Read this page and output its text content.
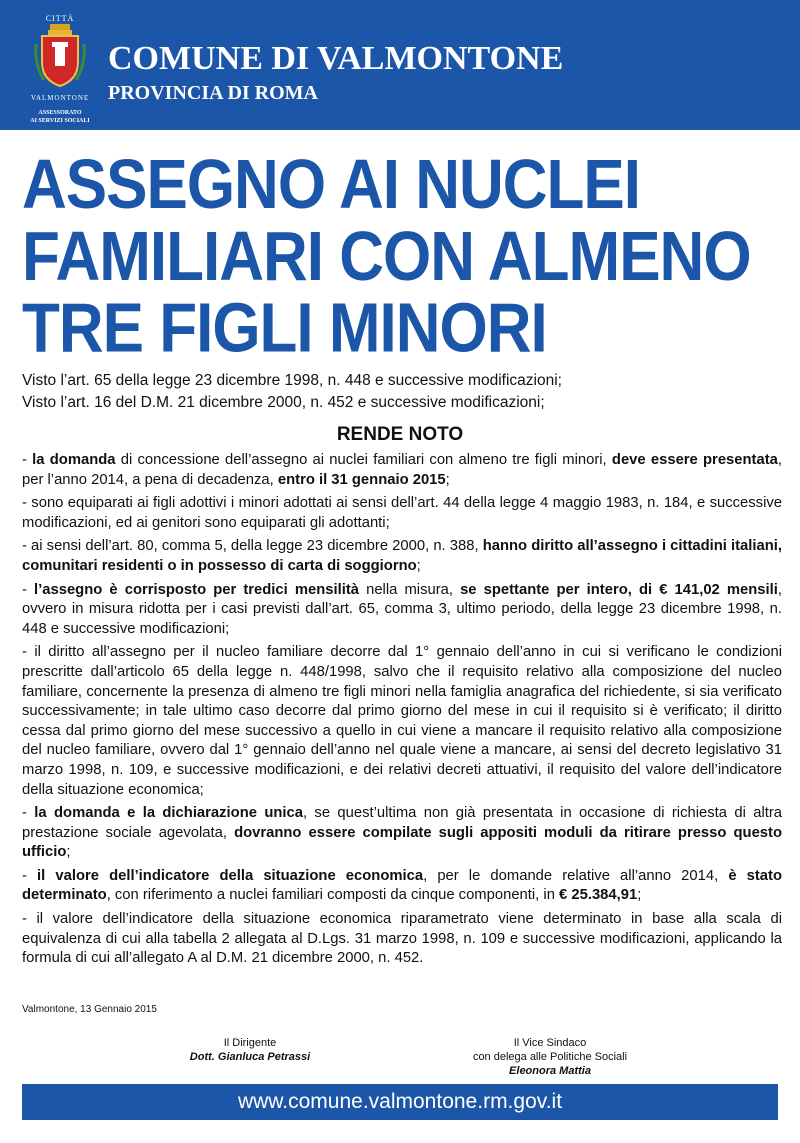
CITTÀ
VALMONTONE
ASSESSORATO
AI SERVIZI SOCIALI
COMUNE DI VALMONTONE
PROVINCIA DI ROMA
ASSEGNO AI NUCLEI
FAMILIARI CON ALMENO
TRE FIGLI MINORI
Visto l’art. 65 della legge 23 dicembre 1998, n. 448 e successive modificazioni;
Visto l’art. 16 del D.M. 21 dicembre 2000, n. 452 e successive modificazioni;
RENDE NOTO

- la domanda di concessione dell’assegno ai nuclei familiari con almeno tre figli minori, deve essere presentata, per l’anno 2014, a pena di decadenza, entro il 31 gennaio 2015;

- sono equiparati ai figli adottivi i minori adottati ai sensi dell’art. 44 della legge 4 maggio 1983, n. 184, e successive modificazioni, ed ai genitori sono equiparati gli adottanti;

- ai sensi dell’art. 80, comma 5, della legge 23 dicembre 2000, n. 388, hanno diritto all’assegno i cittadini italiani, comunitari residenti o in possesso di carta di soggiorno;

- l’assegno è corrisposto per tredici mensilità nella misura, se spettante per intero, di € 141,02 mensili, ovvero in misura ridotta per i casi previsti dall’art. 65, comma 3, ultimo periodo, della legge 23 dicembre 1998, n. 448 e successive modificazioni;

- il diritto all’assegno per il nucleo familiare decorre dal 1° gennaio dell’anno in cui si verificano le condizioni prescritte dall’articolo 65 della legge n. 448/1998, salvo che il requisito relativo alla composizione del nucleo familiare, concernente la presenza di almeno tre figli minori nella famiglia anagrafica del richiedente, si sia verificato successivamente; in tale ultimo caso decorre dal primo giorno del mese in cui il requisito si è verificato; il diritto cessa dal primo giorno del mese successivo a quello in cui viene a mancare il requisito relativo alla composizione del nucleo familiare, ovvero dal 1° gennaio dell’anno nel quale viene a mancare, ai sensi del decreto legislativo 31 marzo 1998, n. 109, e successive modificazioni, e dei relativi decreti attuativi, il requisito del valore dell’indicatore della situazione economica;

- la domanda e la dichiarazione unica, se quest’ultima non già presentata in occasione di richiesta di altra prestazione sociale agevolata, dovranno essere compilate sugli appositi moduli da ritirare presso questo ufficio;

- il valore dell’indicatore della situazione economica, per le domande relative all’anno 2014, è stato determinato, con riferimento a nuclei familiari composti da cinque componenti, in € 25.384,91;

- il valore dell’indicatore della situazione economica riparametrato viene determinato in base alla scala di equivalenza di cui alla tabella 2 allegata al D.Lgs. 31 marzo 1998, n. 109 e successive modificazioni, applicando la formula di cui all’allegato A al D.M. 21 dicembre 2000, n. 452.

Valmontone, 13 Gennaio 2015
Il Dirigente
Dott. Gianluca Petrassi
Il Vice Sindaco
con delega alle Politiche Sociali
Eleonora Mattia
www.comune.valmontone.rm.gov.it
